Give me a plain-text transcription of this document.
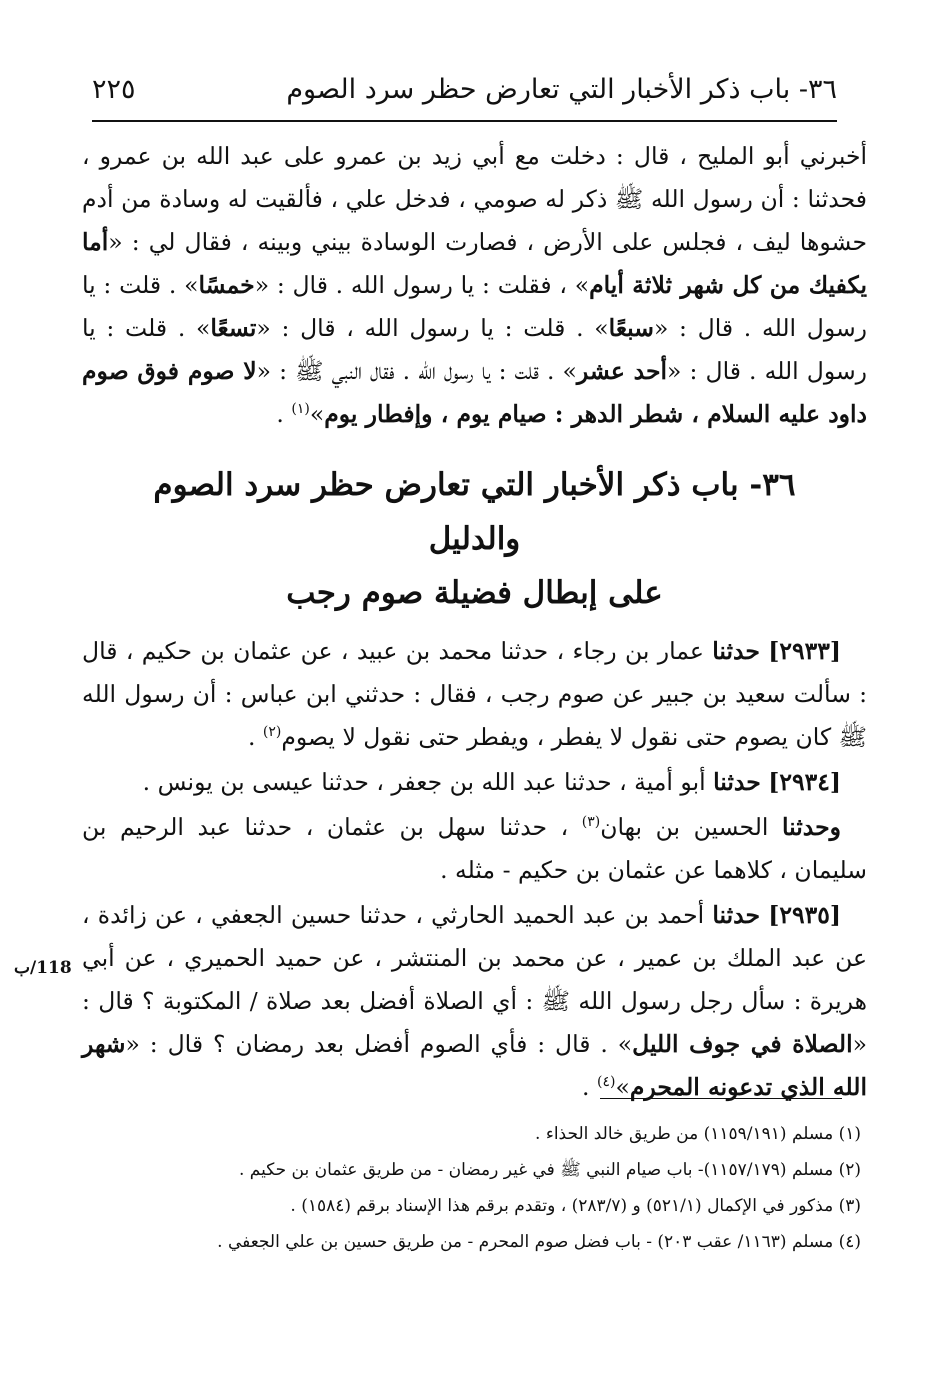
٣٦- باب ذكر الأخبار التي تعارض حظر سرد الصوم
٢٢٥
118/ب

أخبرني أبو المليح ، قال : دخلت مع أبي زيد بن عمرو على عبد الله بن عمرو ، فحدثنا : أن رسول الله ﷺ ذكر له صومي ، فدخل علي ، فألقيت له وسادة من أدم حشوها ليف ، فجلس على الأرض ، فصارت الوسادة بيني وبينه ، فقال لي : «أما يكفيك من كل شهر ثلاثة أيام» ، فقلت : يا رسول الله . قال : «خمسًا» . قلت : يا رسول الله . قال : «سبعًا» . قلت : يا رسول الله ، قال : «تسعًا» . قلت : يا رسول الله . قال : «أحد عشر» . قلت : يا رسول الله . فقال النبي ﷺ : «لا صوم فوق صوم داود عليه السلام ، شطر الدهر : صيام يوم ، وإفطار يوم»$^{(١)}$ .

٣٦- باب ذكر الأخبار التي تعارض حظر سرد الصوم والدليل
على إبطال فضيلة صوم رجب

[٢٩٣٣] حدثنا عمار بن رجاء ، حدثنا محمد بن عبيد ، عن عثمان بن حكيم ، قال : سألت سعيد بن جبير عن صوم رجب ، فقال : حدثني ابن عباس : أن رسول الله ﷺ كان يصوم حتى نقول لا يفطر ، ويفطر حتى نقول لا يصوم$^{(٢)}$ .

[٢٩٣٤] حدثنا أبو أمية ، حدثنا عبد الله بن جعفر ، حدثنا عيسى بن يونس .

وحدثنا الحسين بن بهان$^{(٣)}$ ، حدثنا سهل بن عثمان ، حدثنا عبد الرحيم بن سليمان ، كلاهما عن عثمان بن حكيم - مثله .

[٢٩٣٥] حدثنا أحمد بن عبد الحميد الحارثي ، حدثنا حسين الجعفي ، عن زائدة ، عن عبد الملك بن عمير ، عن محمد بن المنتشر ، عن حميد الحميري ، عن أبي هريرة : سأل رجل رسول الله ﷺ : أي الصلاة أفضل بعد صلاة / المكتوبة ؟ قال : «الصلاة في جوف الليل» . قال : فأي الصوم أفضل بعد رمضان ؟ قال : «شهر الله الذي تدعونه المحرم»$^{(٤)}$ .

(١) مسلم (١١٥٩/١٩١) من طريق خالد الحذاء .

(٢) مسلم (١١٥٧/١٧٩)- باب صيام النبي ﷺ في غير رمضان - من طريق عثمان بن حكيم .

(٣) مذكور في الإكمال (٥٢١/١) و (٢٨٣/٧) ، وتقدم برقم هذا الإسناد برقم (١٥٨٤) .

(٤) مسلم (١١٦٣/ عقب ٢٠٣) - باب فضل صوم المحرم - من طريق حسين بن علي الجعفي .
